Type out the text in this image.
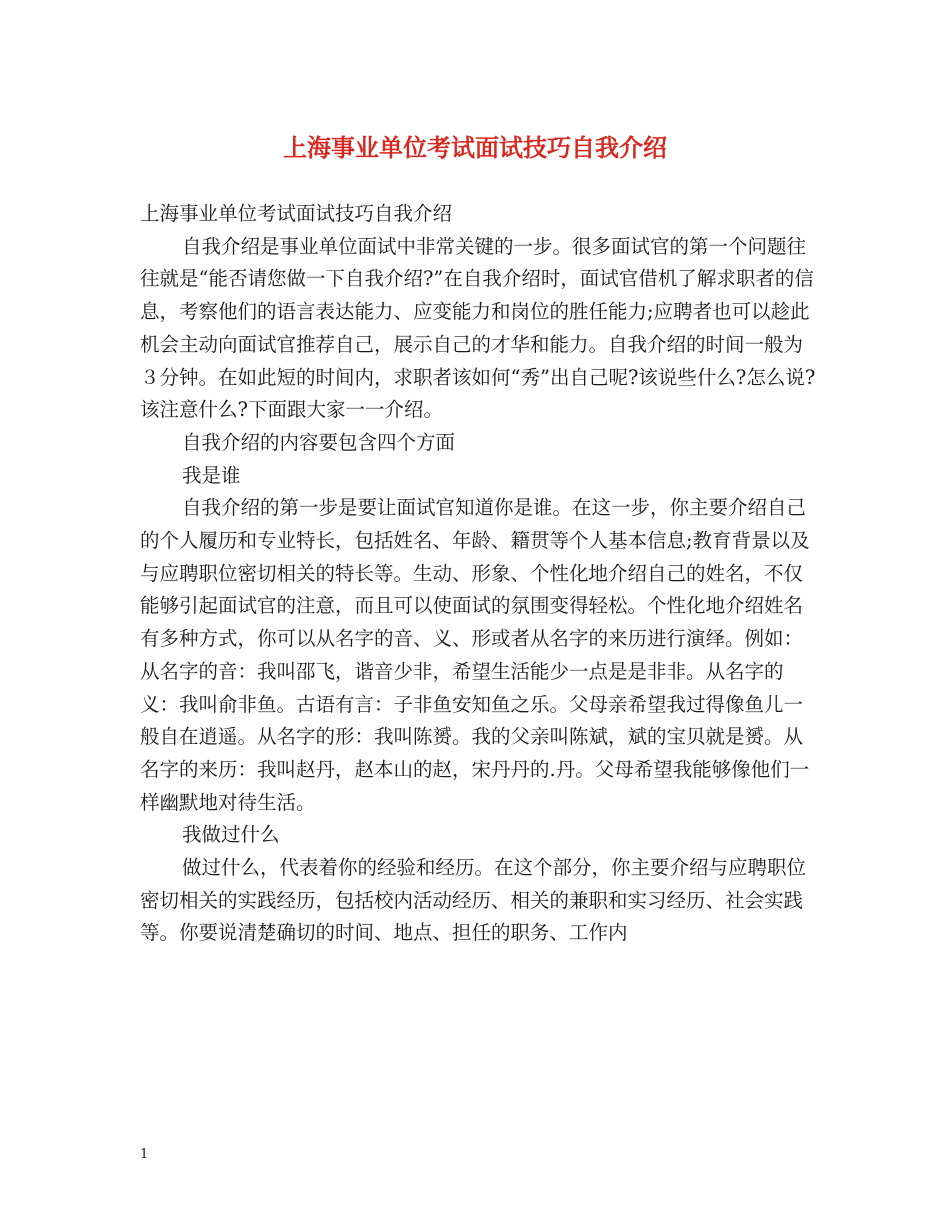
上海事业单位考试面试技巧自我介绍

上海事业单位考试面试技巧自我介绍

自我介绍是事业单位面试中非常关键的一步。很多面试官的第一个问题往往就是“能否请您做一下自我介绍?”在自我介绍时，面试官借机了解求职者的信息，考察他们的语言表达能力、应变能力和岗位的胜任能力;应聘者也可以趁此机会主动向面试官推荐自己，展示自己的才华和能力。自我介绍的时间一般为３分钟。在如此短的时间内，求职者该如何“秀”出自己呢?该说些什么?怎么说?该注意什么?下面跟大家一一介绍。

自我介绍的内容要包含四个方面

我是谁

自我介绍的第一步是要让面试官知道你是谁。在这一步，你主要介绍自己的个人履历和专业特长，包括姓名、年龄、籍贯等个人基本信息;教育背景以及与应聘职位密切相关的特长等。生动、形象、个性化地介绍自己的姓名，不仅能够引起面试官的注意，而且可以使面试的氛围变得轻松。个性化地介绍姓名有多种方式，你可以从名字的音、义、形或者从名字的来历进行演绎。例如：从名字的音：我叫邵飞，谐音少非，希望生活能少一点是是非非。从名字的义：我叫俞非鱼。古语有言：子非鱼安知鱼之乐。父母亲希望我过得像鱼儿一般自在逍遥。从名字的形：我叫陈赟。我的父亲叫陈斌，斌的宝贝就是赟。从名字的来历：我叫赵丹，赵本山的赵，宋丹丹的.丹。父母希望我能够像他们一样幽默地对待生活。

我做过什么

做过什么，代表着你的经验和经历。在这个部分，你主要介绍与应聘职位密切相关的实践经历，包括校内活动经历、相关的兼职和实习经历、社会实践等。你要说清楚确切的时间、地点、担任的职务、工作内

1
